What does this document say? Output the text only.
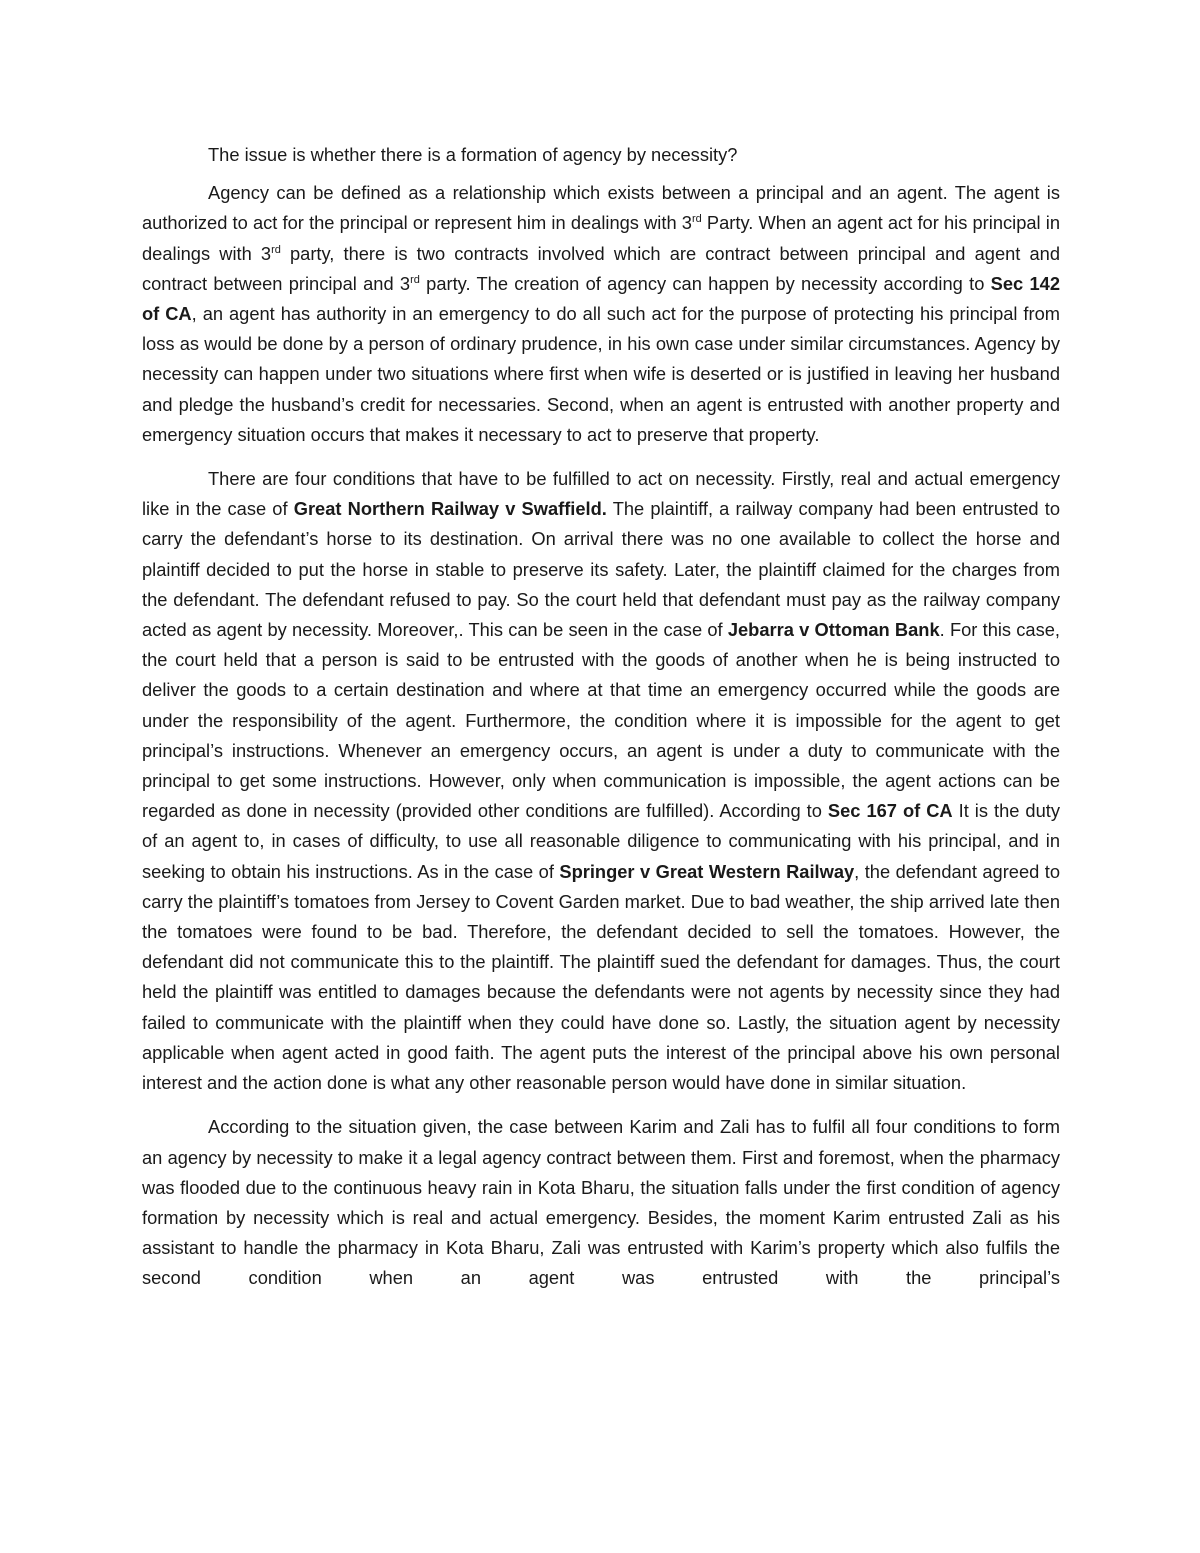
The issue is whether there is a formation of agency by necessity?

Agency can be defined as a relationship which exists between a principal and an agent. The agent is authorized to act for the principal or represent him in dealings with 3rd Party. When an agent act for his principal in dealings with 3rd party, there is two contracts involved which are contract between principal and agent and contract between principal and 3rd party. The creation of agency can happen by necessity according to Sec 142 of CA, an agent has authority in an emergency to do all such act for the purpose of protecting his principal from loss as would be done by a person of ordinary prudence, in his own case under similar circumstances. Agency by necessity can happen under two situations where first when wife is deserted or is justified in leaving her husband and pledge the husband’s credit for necessaries. Second, when an agent is entrusted with another property and emergency situation occurs that makes it necessary to act to preserve that property.

There are four conditions that have to be fulfilled to act on necessity. Firstly, real and actual emergency like in the case of Great Northern Railway v Swaffield. The plaintiff, a railway company had been entrusted to carry the defendant’s horse to its destination. On arrival there was no one available to collect the horse and plaintiff decided to put the horse in stable to preserve its safety. Later, the plaintiff claimed for the charges from the defendant. The defendant refused to pay. So the court held that defendant must pay as the railway company acted as agent by necessity. Moreover,. This can be seen in the case of Jebarra v Ottoman Bank. For this case, the court held that a person is said to be entrusted with the goods of another when he is being instructed to deliver the goods to a certain destination and where at that time an emergency occurred while the goods are under the responsibility of the agent. Furthermore, the condition where it is impossible for the agent to get principal’s instructions. Whenever an emergency occurs, an agent is under a duty to communicate with the principal to get some instructions. However, only when communication is impossible, the agent actions can be regarded as done in necessity (provided other conditions are fulfilled). According to Sec 167 of CA It is the duty of an agent to, in cases of difficulty, to use all reasonable diligence to communicating with his principal, and in seeking to obtain his instructions. As in the case of Springer v Great Western Railway, the defendant agreed to carry the plaintiff’s tomatoes from Jersey to Covent Garden market. Due to bad weather, the ship arrived late then the tomatoes were found to be bad. Therefore, the defendant decided to sell the tomatoes. However, the defendant did not communicate this to the plaintiff. The plaintiff sued the defendant for damages. Thus, the court held the plaintiff was entitled to damages because the defendants were not agents by necessity since they had failed to communicate with the plaintiff when they could have done so. Lastly, the situation agent by necessity applicable when agent acted in good faith. The agent puts the interest of the principal above his own personal interest and the action done is what any other reasonable person would have done in similar situation.

According to the situation given, the case between Karim and Zali has to fulfil all four conditions to form an agency by necessity to make it a legal agency contract between them. First and foremost, when the pharmacy was flooded due to the continuous heavy rain in Kota Bharu, the situation falls under the first condition of agency formation by necessity which is real and actual emergency. Besides, the moment Karim entrusted Zali as his assistant to handle the pharmacy in Kota Bharu, Zali was entrusted with Karim’s property which also fulfils the second condition when an agent was entrusted with the principal’s
